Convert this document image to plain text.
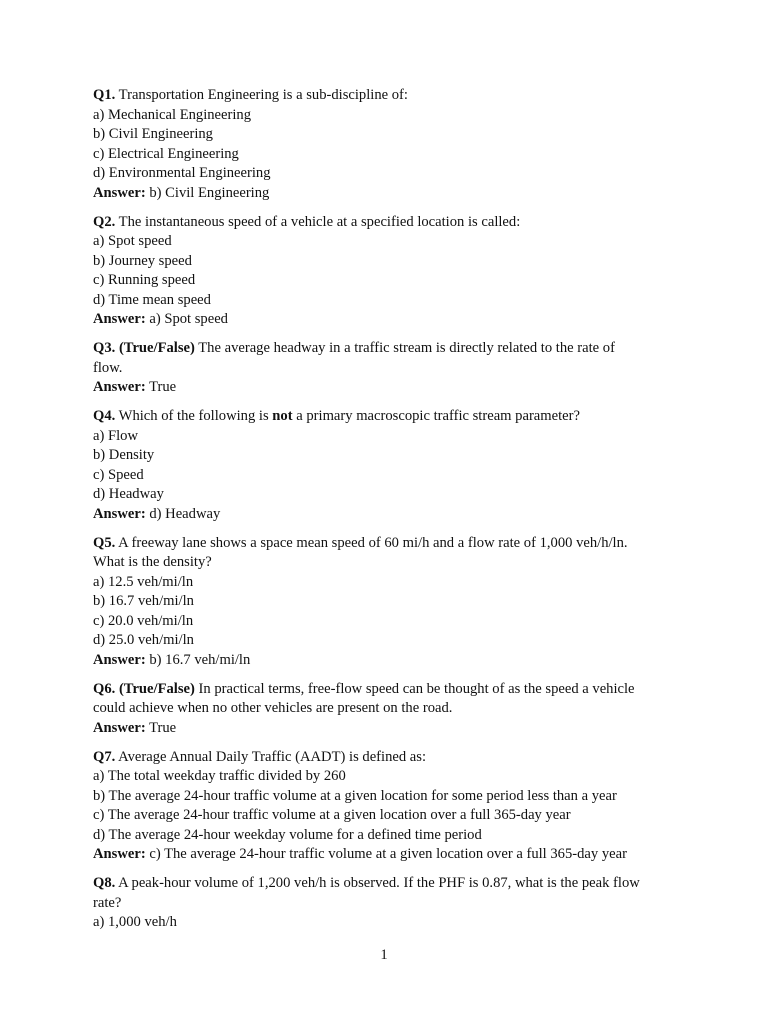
Q1. Transportation Engineering is a sub-discipline of:
a) Mechanical Engineering
b) Civil Engineering
c) Electrical Engineering
d) Environmental Engineering
Answer: b) Civil Engineering
Q2. The instantaneous speed of a vehicle at a specified location is called:
a) Spot speed
b) Journey speed
c) Running speed
d) Time mean speed
Answer: a) Spot speed
Q3. (True/False) The average headway in a traffic stream is directly related to the rate of
flow.
Answer: True
Q4. Which of the following is not a primary macroscopic traffic stream parameter?
a) Flow
b) Density
c) Speed
d) Headway
Answer: d) Headway
Q5. A freeway lane shows a space mean speed of 60 mi/h and a flow rate of 1,000 veh/h/ln.
What is the density?
a) 12.5 veh/mi/ln
b) 16.7 veh/mi/ln
c) 20.0 veh/mi/ln
d) 25.0 veh/mi/ln
Answer: b) 16.7 veh/mi/ln
Q6. (True/False) In practical terms, free-flow speed can be thought of as the speed a vehicle
could achieve when no other vehicles are present on the road.
Answer: True
Q7. Average Annual Daily Traffic (AADT) is defined as:
a) The total weekday traffic divided by 260
b) The average 24-hour traffic volume at a given location for some period less than a year
c) The average 24-hour traffic volume at a given location over a full 365-day year
d) The average 24-hour weekday volume for a defined time period
Answer: c) The average 24-hour traffic volume at a given location over a full 365-day year
Q8. A peak-hour volume of 1,200 veh/h is observed. If the PHF is 0.87, what is the peak flow
rate?
a) 1,000 veh/h
1
